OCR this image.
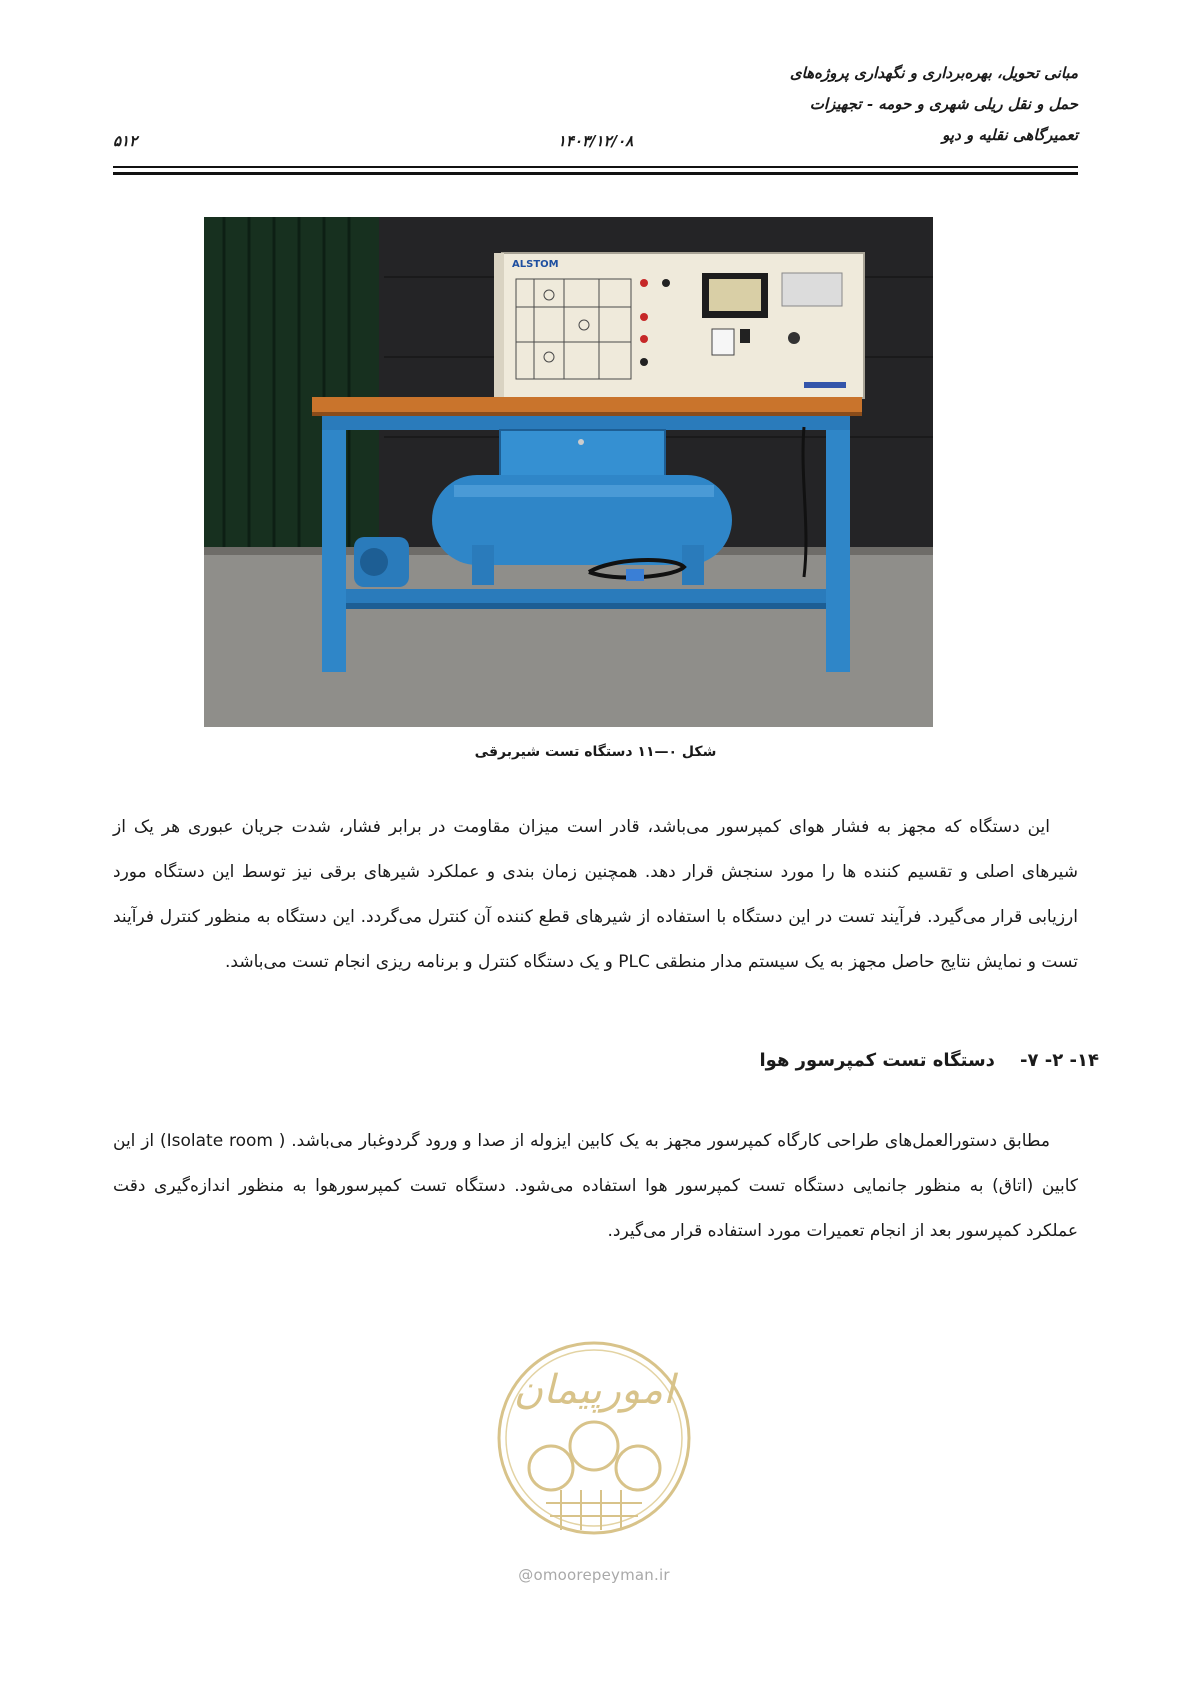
مبانی تحویل، بهره‌برداری و نگهداری پروژه‌های
حمل و نقل ریلی شهری و حومه - تجهیزات
تعمیرگاهی نقلیه و دپو
۱۴۰۳/۱۲/۰۸
۵۱۲
ALSTOM
شکل ۰—۱۱ دستگاه تست شیربرقی

این دستگاه که مجهز به فشار هوای کمپرسور می‌باشد، قادر است میزان مقاومت در برابر فشار، شدت جریان عبوری هر یک از شیرهای اصلی و تقسیم کننده ها را مورد سنجش قرار دهد. همچنین زمان بندی و عملکرد شیرهای برقی نیز توسط این دستگاه مورد ارزیابی قرار می‌گیرد. فرآیند تست در این دستگاه با استفاده از شیرهای قطع کننده آن کنترل می‌گردد. این دستگاه به منظور کنترل فرآیند تست و نمایش نتایج حاصل مجهز به یک سیستم مدار منطقی PLC و یک دستگاه کنترل و برنامه ریزی انجام تست می‌باشد.

۱۴- ۲- ۷-    دستگاه تست کمپرسور هوا

مطابق دستورالعمل‌های طراحی کارگاه کمپرسور مجهز به یک کابین ایزوله از صدا و ورود گردوغبار می‌باشد. ( Isolate room) از این کابین (اتاق) به منظور جانمایی دستگاه تست کمپرسور هوا استفاده می‌شود. دستگاه تست کمپرسورهوا به منظور اندازه‌گیری دقت عملکرد کمپرسور بعد از انجام تعمیرات مورد استفاده قرار می‌گیرد.

امورپیمان
@omoorepeyman.ir
